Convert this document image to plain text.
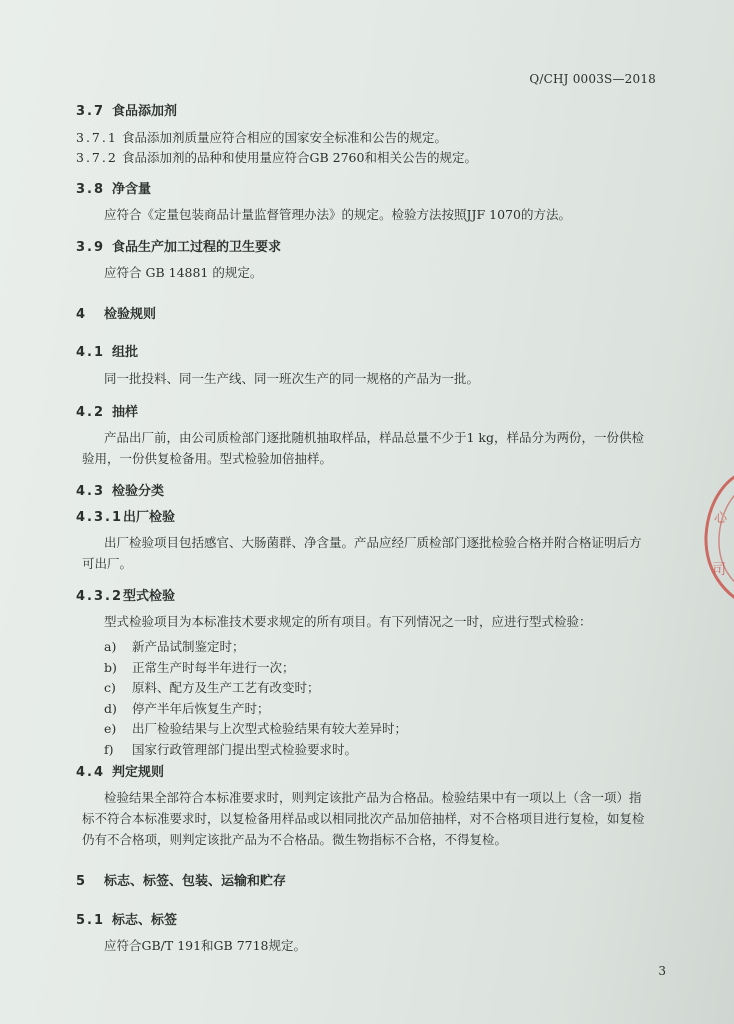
Q/CHJ 0003S—2018
3.7 食品添加剂
3.7.1 食品添加剂质量应符合相应的国家安全标准和公告的规定。
3.7.2 食品添加剂的品种和使用量应符合GB 2760和相关公告的规定。
3.8 净含量
应符合《定量包装商品计量监督管理办法》的规定。检验方法按照JJF 1070的方法。
3.9 食品生产加工过程的卫生要求
应符合 GB 14881 的规定。
4 检验规则
4.1 组批
同一批投料、同一生产线、同一班次生产的同一规格的产品为一批。
4.2 抽样
产品出厂前，由公司质检部门逐批随机抽取样品，样品总量不少于1 kg，样品分为两份，一份供检
验用，一份供复检备用。型式检验加倍抽样。
4.3 检验分类
4.3.1出厂检验
出厂检验项目包括感官、大肠菌群、净含量。产品应经厂质检部门逐批检验合格并附合格证明后方
可出厂。
4.3.2型式检验
型式检验项目为本标准技术要求规定的所有项目。有下列情况之一时，应进行型式检验：
a) 新产品试制鉴定时；
b) 正常生产时每半年进行一次；
c) 原料、配方及生产工艺有改变时；
d) 停产半年后恢复生产时；
e) 出厂检验结果与上次型式检验结果有较大差异时；
f) 国家行政管理部门提出型式检验要求时。
4.4 判定规则
检验结果全部符合本标准要求时，则判定该批产品为合格品。检验结果中有一项以上（含一项）指
标不符合本标准要求时，以复检备用样品或以相同批次产品加倍抽样，对不合格项目进行复检，如复检
仍有不合格项，则判定该批产品为不合格品。微生物指标不合格，不得复检。
5 标志、标签、包装、运输和贮存
5.1 标志、标签
应符合GB/T 191和GB 7718规定。
3
心
司
